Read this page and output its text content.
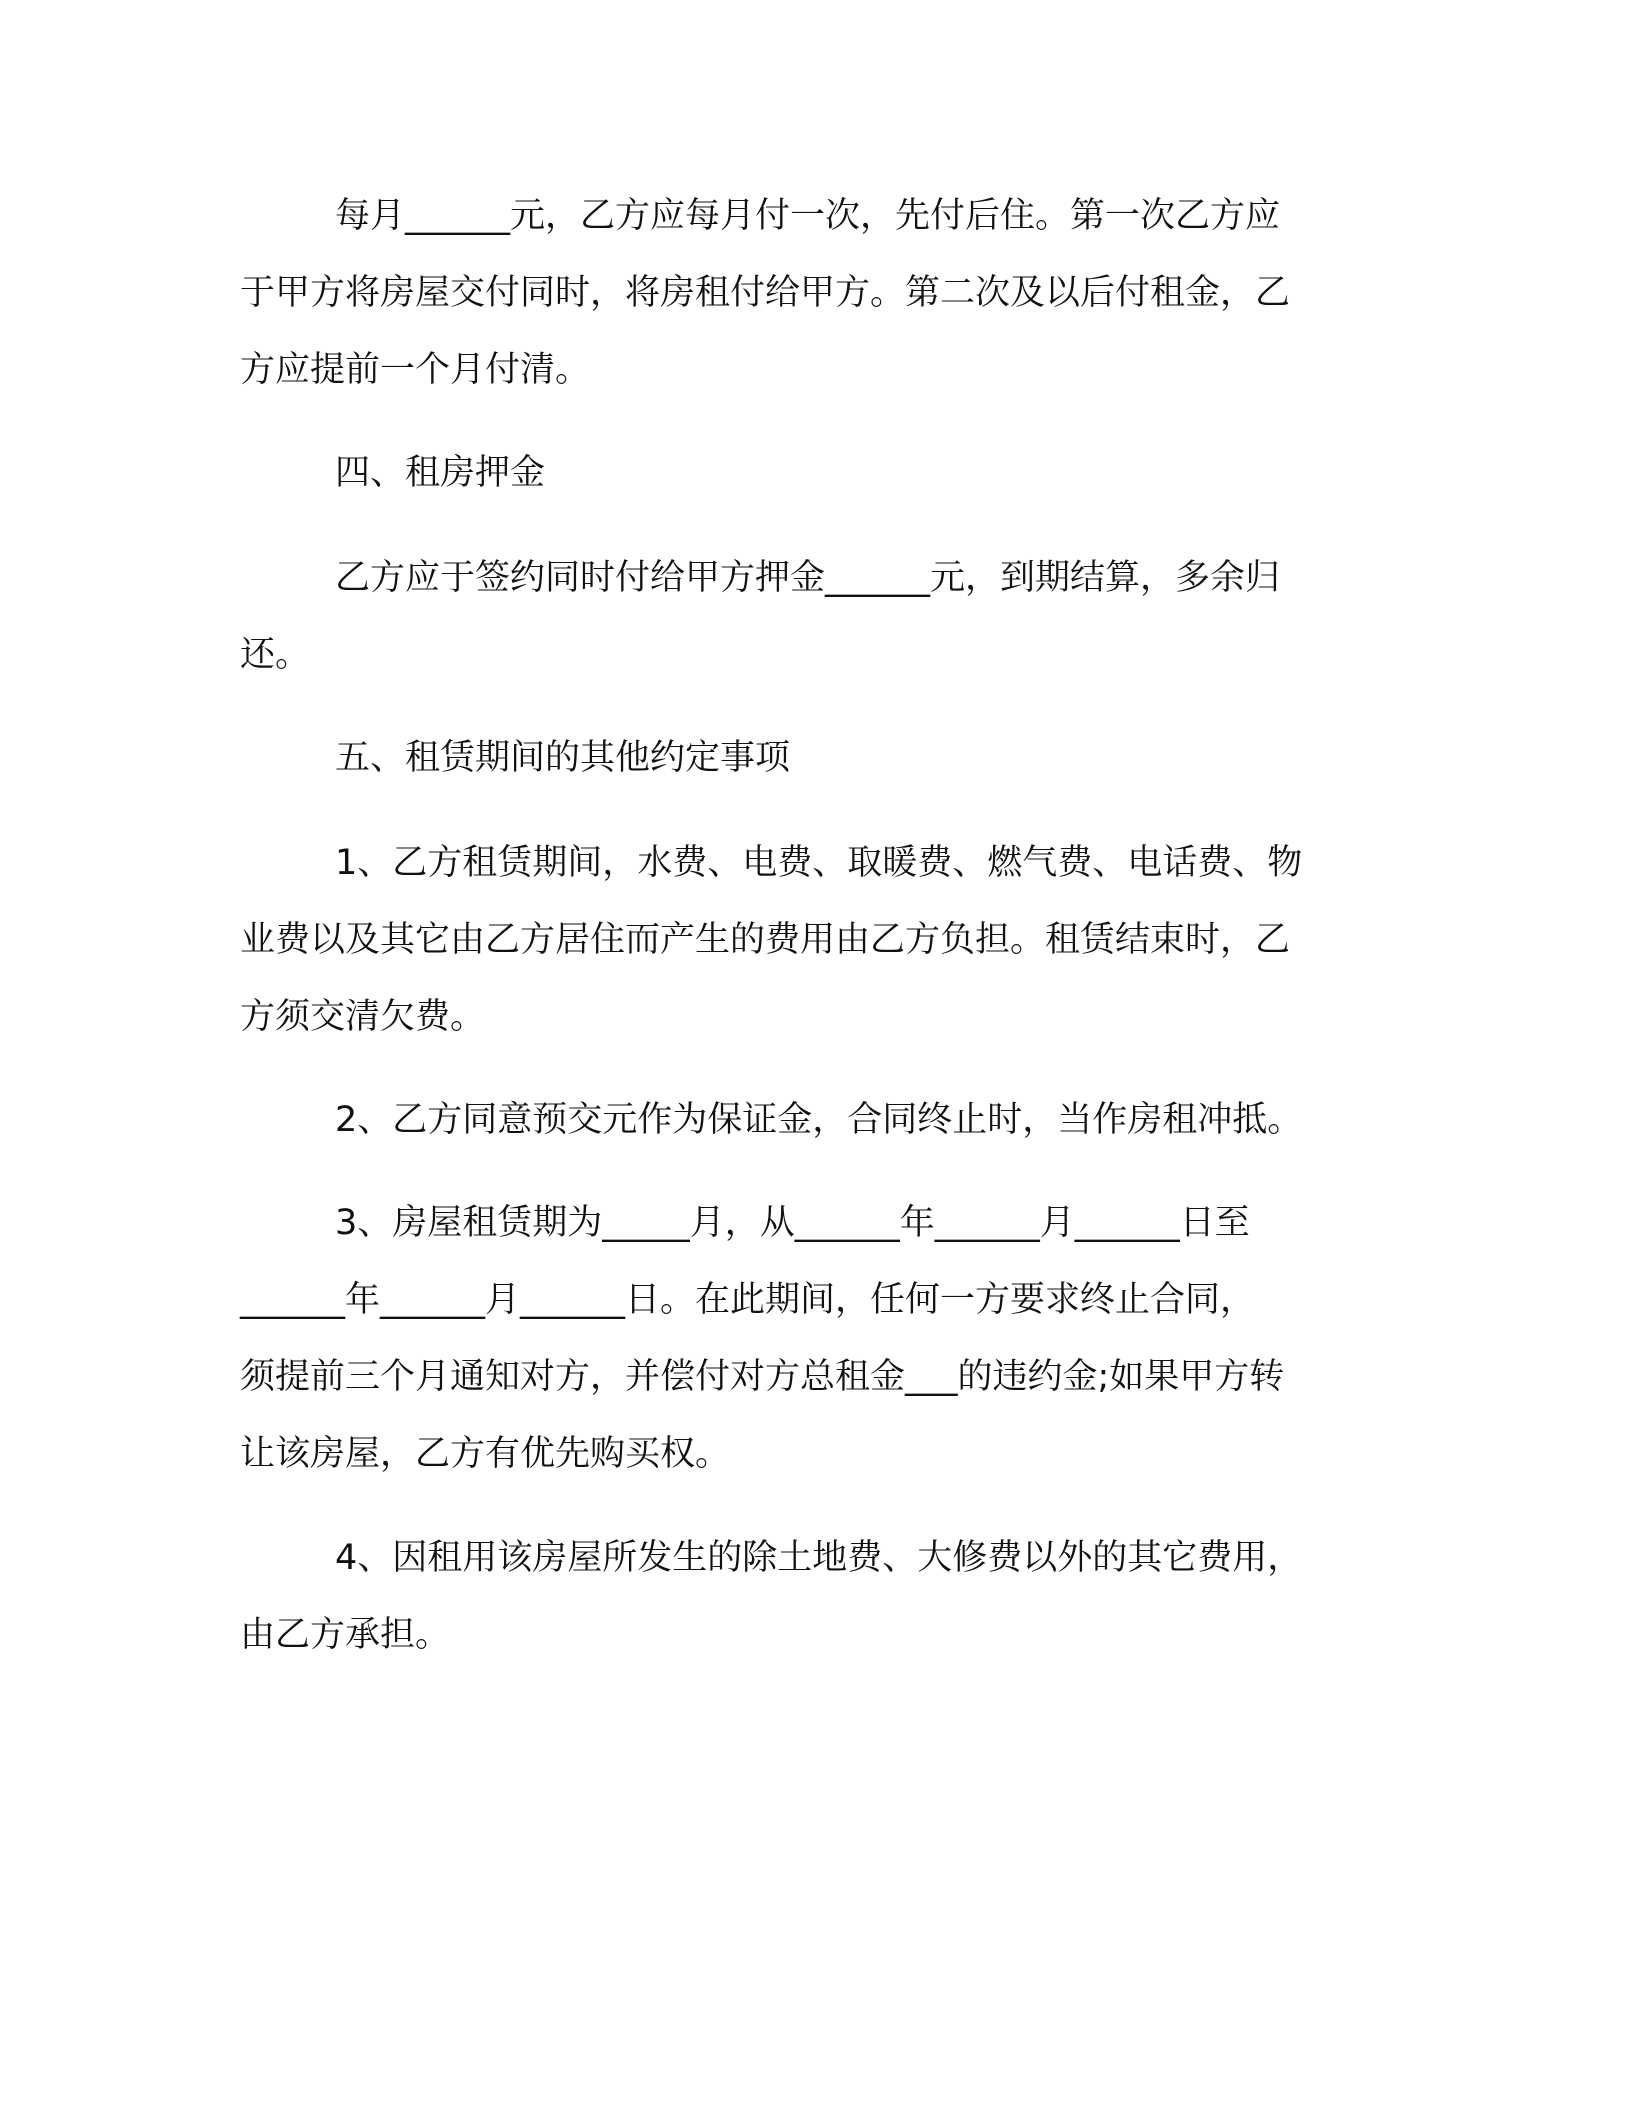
每月______元，乙方应每月付一次，先付后住。第一次乙方应

于甲方将房屋交付同时，将房租付给甲方。第二次及以后付租金，乙

方应提前一个月付清。

四、租房押金

乙方应于签约同时付给甲方押金______元，到期结算，多余归

还。

五、租赁期间的其他约定事项

1、乙方租赁期间，水费、电费、取暖费、燃气费、电话费、物

业费以及其它由乙方居住而产生的费用由乙方负担。租赁结束时，乙

方须交清欠费。

2、乙方同意预交元作为保证金，合同终止时，当作房租冲抵。

3、房屋租赁期为_____月，从______年______月______日至

______年______月______日。在此期间，任何一方要求终止合同，

须提前三个月通知对方，并偿付对方总租金___的违约金;如果甲方转

让该房屋，乙方有优先购买权。

4、因租用该房屋所发生的除土地费、大修费以外的其它费用，

由乙方承担。
